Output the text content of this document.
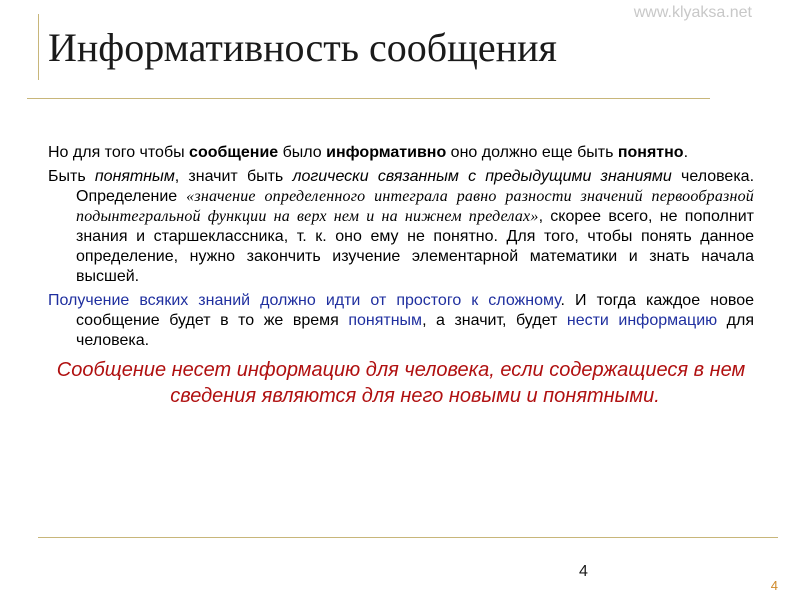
www.klyaksa.net
Информативность сообщения

Но для того чтобы сообщение было информативно оно должно еще быть понятно.

Быть понятным, значит быть логически связанным с предыдущими знаниями человека. Определение «значение определенного интеграла равно разности значений первообразной подынтегральной функции на верх нем и на нижнем пределах», скорее всего, не пополнит знания и старшеклассника, т. к. оно ему не понятно. Для того, чтобы понять данное определение, нужно закончить изучение элементарной математики и знать начала высшей.

Получение всяких знаний должно идти от простого к сложному. И тогда каждое новое сообщение будет в то же время понятным, а значит, будет нести информацию для человека.

Сообщение несет информацию для человека, если содержащиеся в нем сведения являются для него новыми и понятными.

4
4
